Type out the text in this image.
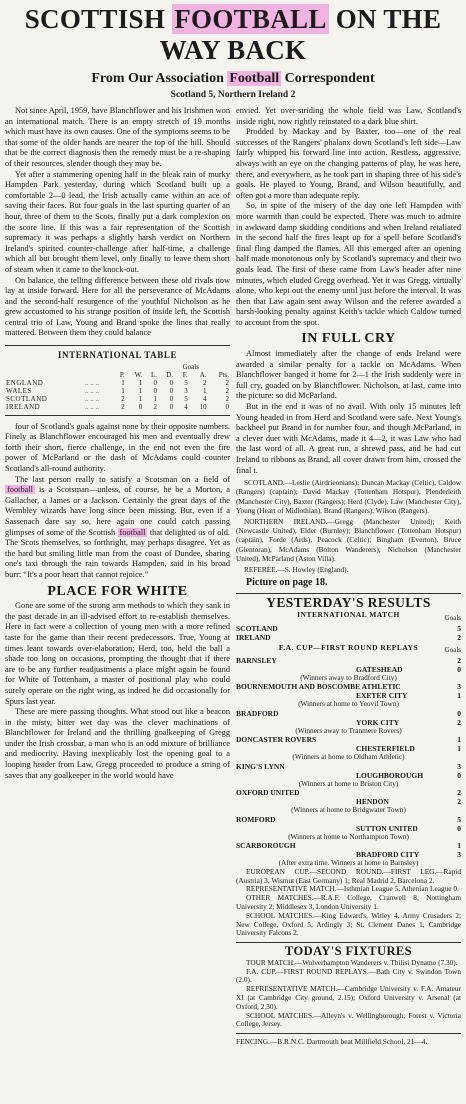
SCOTTISH FOOTBALL ON THE WAY BACK
From Our Association Football Correspondent
Scotland 5, Northern Ireland 2

Not since April, 1959, have Blanchflower and his Irishmen won an international match. There is an empty stretch of 19 months which must have its own causes. One of the symptoms seems to be that some of the older hands are nearer the top of the hill. Should that be the correct diagnosis then the remedy must be a re-shaping of their resources, slender though they may be.

Yet after a stammering opening half in the bleak rain of murky Hampden Park yesterday, during which Scotland built up a comfortable 2—0 lead, the Irish actually came within an ace of saving their faces. But four goals in the last spurting quarter of an hour, three of them to the Scots, finally put a dark complexion on the score line. If this was a fair representation of the Scottish supremacy it was perhaps a slightly harsh verdict on Northern Ireland's spirited counter-challenge after half-time, a challenge which all but brought them level, only finally to leave them short of steam when it came to the knock-out.

On balance, the telling difference between these old rivals now lay at inside forward. Here for all the perseverance of McAdams and the second-half resurgence of the youthful Nicholson as he grew accustomed to his strange position of inside left, the Scottish central trio of Law, Young and Brand spoke the lines that really mattered. Between them they could balance

INTERNATIONAL TABLE
						Goals		
		P.	W.	L.	D.	F.	A.	Pts.
ENGLAND	.. .. ..	1	1	0	0	5	2	2
WALES	.. .. ..	1	1	0	0	3	1	2
SCOTLAND	.. .. ..	2	1	1	0	5	4	2
IRELAND	.. .. ..	2	0	2	0	4	10	0

four of Scotland's goals against none by their opposite numbers. Finely as Blanchflower encouraged his men and eventually drew forth their short, fierce challenge, in the end not even the fire power of McParland or the dash of McAdams could counter Scotland's all-round authority.

The last person really to satisfy a Scotsman on a field of football is a Scotsman—unless, of course, he be a Morton, a Gallacher, a James or a Jackson. Certainly the great days of the Wembley wizards have long since been missing. But, even if a Sassenach dare say so, here again one could catch passing glimpses of some of the Scottish football that delighted us of old. The Scots themselves, so forthright, may perhaps disagree. Yet as the hard but smiling little man from the coast of Dundee, sharing one's taxi through the rain towards Hampden, said in his broad burr: “It's a poor heart that cannot rejoice.”

PLACE FOR WHITE

Gone are some of the strong arm methods to which they sank in the past decade in an ill-advised effort to re-establish themselves. Here in fact were a collection of young men with a more refined taste for the game than their recent predecessors. True, Young at times leant towards over-elaboration; Herd, too, held the ball a shade too long on occasions, prompting the thought that if there are to be any further readjustments a place might again be found for White of Tottenham, a master of positional play who could surely operate on the right wing, as indeed he did occasionally for Spurs last year.

These are mere passing thoughts. What stood out like a beacon in the misty, bitter wet day was the clever machinations of Blanchflower for Ireland and the thrilling goalkeeping of Gregg under the Irish crossbar, a man who is an odd mixture of brilliance and mediocrity. Having inexplicably lost the opening goal to a looping header from Law, Gregg proceeded to produce a string of saves that any goalkeeper in the world would have

envied. Yet over-striding the whole field was Law, Scotland's inside right, now rightly reinstated to a dark blue shirt.

Prodded by Mackay and by Baxter, too—one of the real successes of the Rangers' phalanx down Scotland's left side—Law fairly whipped his forward line into action. Restless, aggressive, always with an eye on the changing patterns of play, he was here, there, and everywhere, as he took part in shaping three of his side's goals. He played to Young, Brand, and Wilson beautifully, and often got a more than adequate reply.

So, in spite of the misery of the day one left Hampden with more warmth than could be expected. There was much to admire in awkward damp skidding conditions and when Ireland retaliated in the second half the fires leapt up for a spell before Scotland's final fling damped the flames. All this emerged after an opening half made monotonous only by Scotland's supremacy and their two goals lead. The first of these came from Law's header after nine minutes, which eluded Gregg overhead. Yet it was Gregg, virtually alone, who kept out the enemy until just before the interval. It was then that Law again sent away Wilson and the referee awarded a harsh-looking penalty against Keith's tackle which Caldow turned to account from the spot.

IN FULL CRY

Almost immediately after the change of ends Ireland were awarded a similar penalty for a tackle on McAdams. When Blanchflower banged it home for 2—1 the Irish suddenly were in full cry, goaded on by Blanchflower. Nicholson, at last, came into the picture: so did McParland.

But in the end it was of no avail. With only 15 minutes left Young headed in from Herd and Scotland were safe. Next Young's backheel put Brand in for number four, and though McParland, in a clever duet with McAdams, made it 4—2, it was Law who had the last word of all. A great run, a shrewd pass, and he had cut Ireland to ribbons as Brand, all cover drawn from him, crossed the final t.

SCOTLAND.—Leslie (Airdrieonians); Duncan Mackay (Celtic), Caldow (Rangers) (captain); David Mackay (Tottenham Hotspur), Plenderleith (Manchester City), Baxter (Rangers); Herd (Clyde), Law (Manchester City), Young (Heart of Midlothian), Brand (Rangers), Wilson (Rangers).
NORTHERN IRELAND.—Gregg (Manchester United); Keith (Newcastle United), Elder (Burnley); Blanchflower (Tottenham Hotspur) (captain), Forde (Ards), Peacock (Celtic); Bingham (Everton), Bruce (Glentoran), McAdams (Bolton Wanderers), Nicholson (Manchester United), McParland (Aston Villa).
REFEREE.—S. Howley (England).
Picture on page 18.
YESTERDAY'S RESULTS
INTERNATIONAL MATCH	Goals
SCOTLAND	5
IRELAND	2
F.A. CUP—FIRST ROUND REPLAYS	Goals
BARNSLEY	2
GATESHEAD	0
(Winners away to Bradford City)
BOURNEMOUTH AND BOSCOMBE ATHLETIC	3
EXETER CITY	1
(Winners at home to Yeovil Town)
BRADFORD	0
YORK CITY	2
(Winners away to Tranmere Rovers)
DONCASTER ROVERS	1
CHESTERFIELD	1
(Winners at home to Oldham Athletic)
KING'S LYNN	3
LOUGHBOROUGH	0
(Winners at home to Briston City)
OXFORD UNITED	2
HENDON	2
(Winners at home to Bridgwater Town)
ROMFORD	5
SUTTON UNITED	0
(Winners at home to Northampton Town)
SCARBOROUGH	1
BRADFORD CITY	3
(After extra time. Winners at home to Barnsley)

EUROPEAN CUP.—SECOND ROUND.—FIRST LEG.—Rapid (Austria) 3, Wismut (East Germany) 1; Real Madrid 2, Barcelona 2.

REPRESENTATIVE MATCH.—Isthmian League 5, Athenian League 0.

OTHER MATCHES.—R.A.F. College, Cranwell 8, Nottingham University 2; Middlesex 3, London University 1.

SCHOOL MATCHES.—King Edward's, Witley 4, Army Crusaders 2; New College, Oxford 5, Ardingly 3; St. Clement Danes 1, Cambridge University Falcons 2.

TODAY'S FIXTURES

TOUR MATCH.—Wolverhampton Wanderers v. Tbilisi Dynamo (7.30).

F.A. CUP.—FIRST ROUND REPLAYS.—Bath City v. Swindon Town (2.0).

REPRESENTATIVE MATCH.—Cambridge University v. F.A. Amateur XI (at Cambridge City ground, 2.15); Oxford University v. Arsenal (at Oxford, 2.30).

SCHOOL MATCHES.—Alleyn's v. Wellingborough; Forest v. Victoria College, Jersey.

FENCING.—B.R.N.C. Dartmouth beat Millfield School, 21—4.
